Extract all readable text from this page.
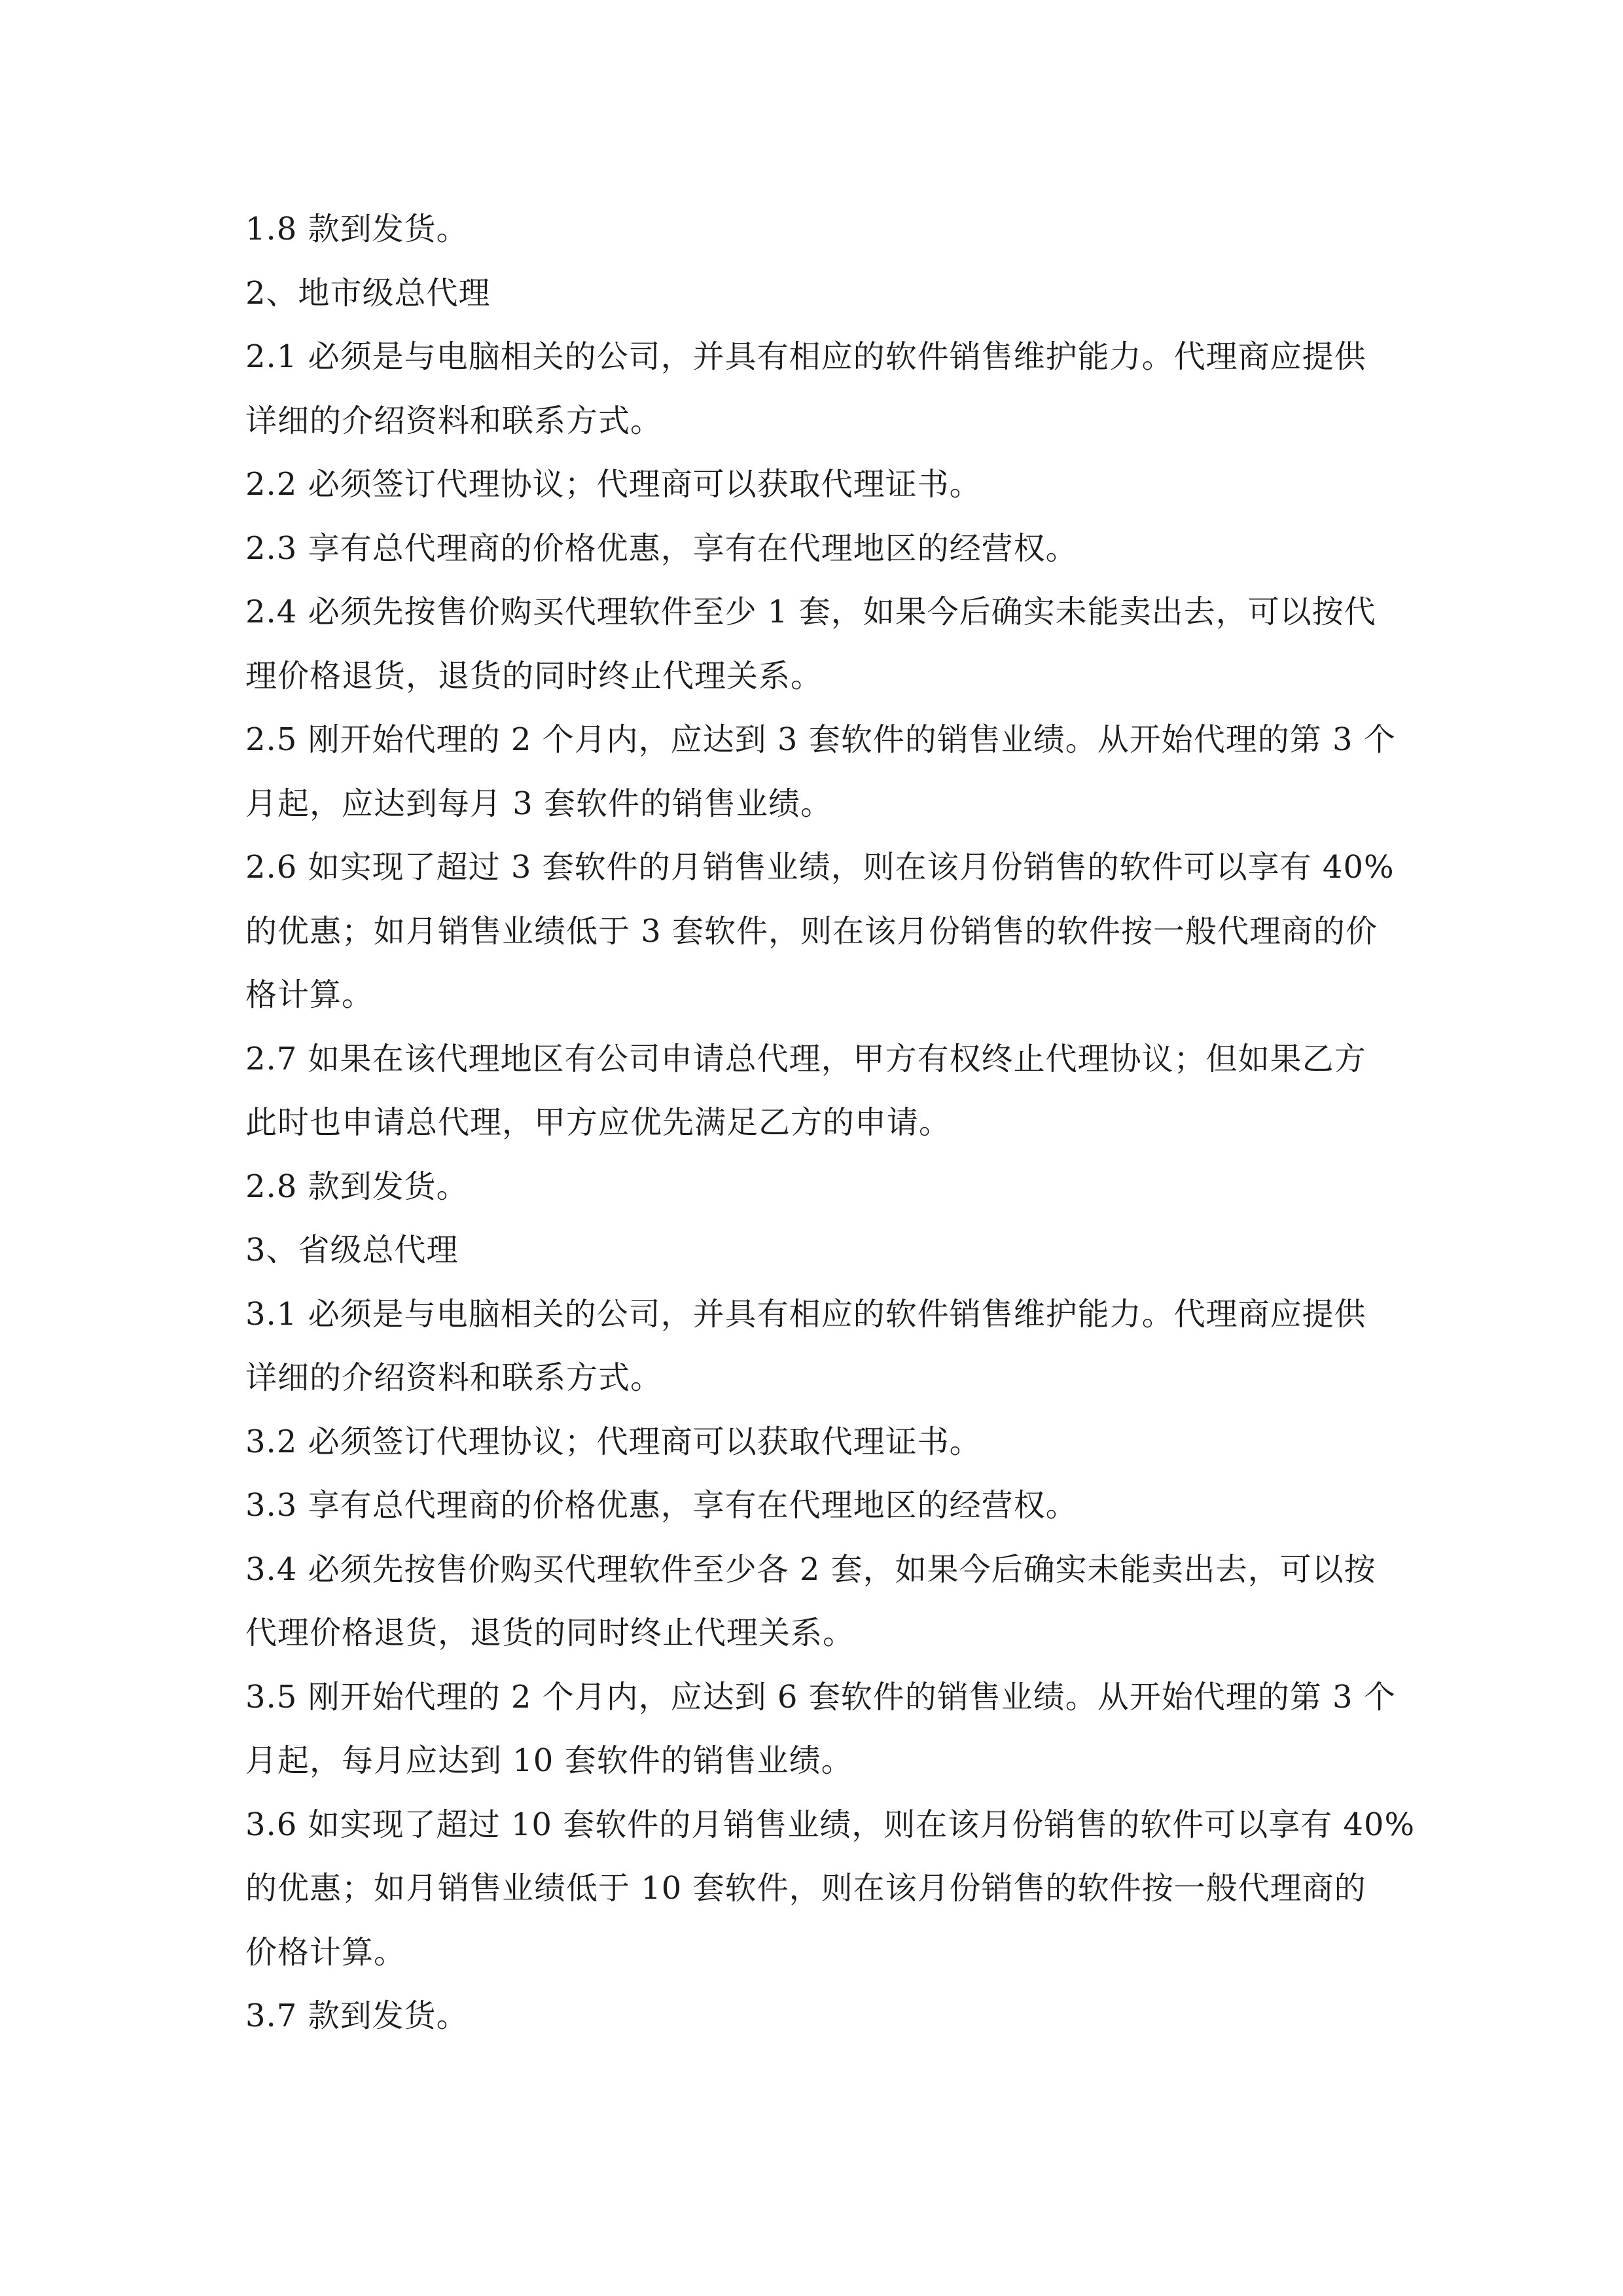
1.8 款到发货。
2、地市级总代理
2.1 必须是与电脑相关的公司，并具有相应的软件销售维护能力。代理商应提供
详细的介绍资料和联系方式。
2.2 必须签订代理协议；代理商可以获取代理证书。
2.3 享有总代理商的价格优惠，享有在代理地区的经营权。
2.4 必须先按售价购买代理软件至少 1 套，如果今后确实未能卖出去，可以按代
理价格退货，退货的同时终止代理关系。
2.5 刚开始代理的 2 个月内，应达到 3 套软件的销售业绩。从开始代理的第 3 个
月起，应达到每月 3 套软件的销售业绩。
2.6 如实现了超过 3 套软件的月销售业绩，则在该月份销售的软件可以享有 40%
的优惠；如月销售业绩低于 3 套软件，则在该月份销售的软件按一般代理商的价
格计算。
2.7 如果在该代理地区有公司申请总代理，甲方有权终止代理协议；但如果乙方
此时也申请总代理，甲方应优先满足乙方的申请。
2.8 款到发货。
3、省级总代理
3.1 必须是与电脑相关的公司，并具有相应的软件销售维护能力。代理商应提供
详细的介绍资料和联系方式。
3.2 必须签订代理协议；代理商可以获取代理证书。
3.3 享有总代理商的价格优惠，享有在代理地区的经营权。
3.4 必须先按售价购买代理软件至少各 2 套，如果今后确实未能卖出去，可以按
代理价格退货，退货的同时终止代理关系。
3.5 刚开始代理的 2 个月内，应达到 6 套软件的销售业绩。从开始代理的第 3 个
月起，每月应达到 10 套软件的销售业绩。
3.6 如实现了超过 10 套软件的月销售业绩，则在该月份销售的软件可以享有 40%
的优惠；如月销售业绩低于 10 套软件，则在该月份销售的软件按一般代理商的
价格计算。
3.7 款到发货。
